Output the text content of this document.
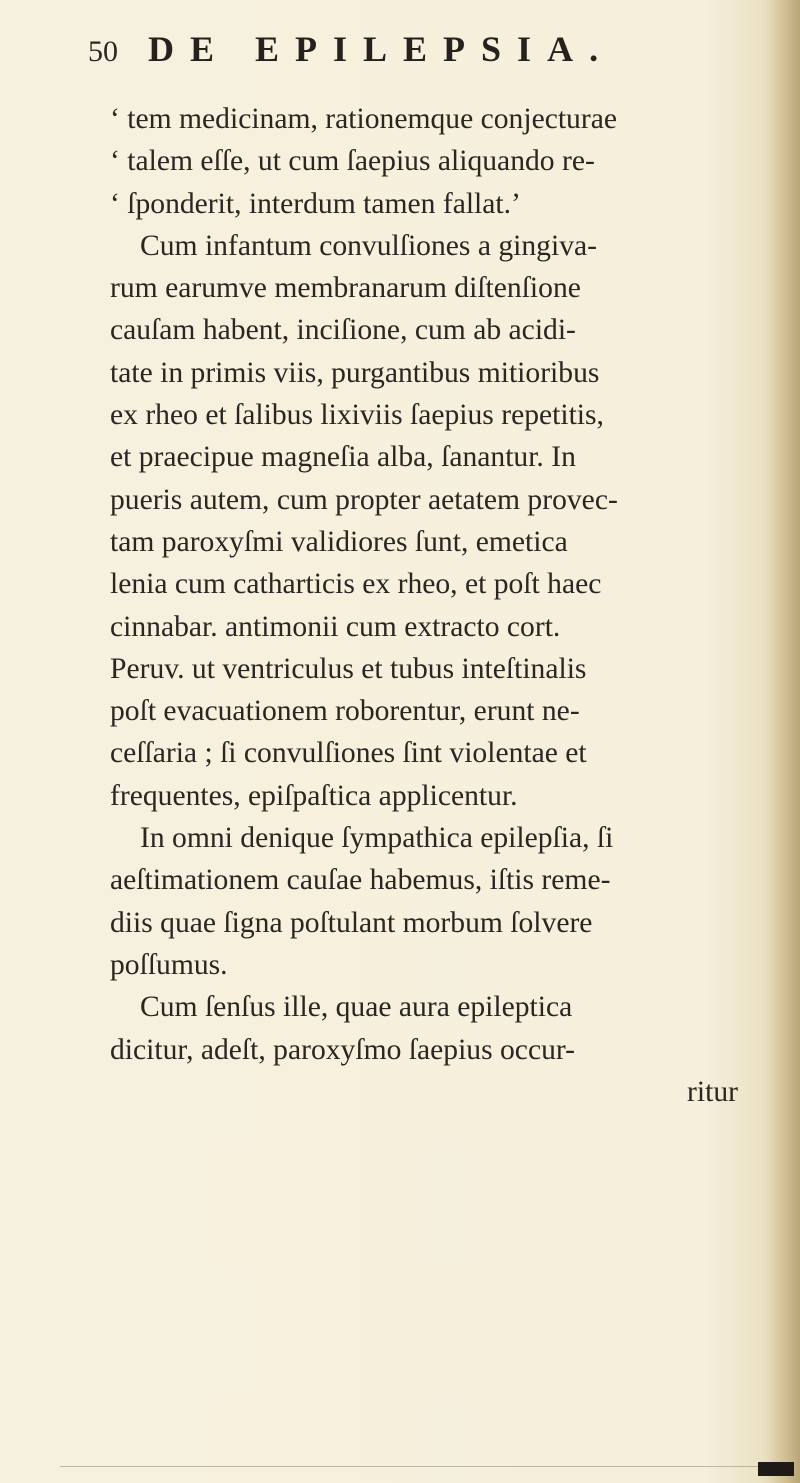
50 DE EPILEPSIA.
‘ tem medicinam, rationemque conjecturae
‘ talem eſſe, ut cum ſaepius aliquando re-
‘ ſponderit, interdum tamen fallat.’
Cum infantum convulſiones a gingiva-
rum earumve membranarum diſtenſione
cauſam habent, inciſione, cum ab acidi-
tate in primis viis, purgantibus mitioribus
ex rheo et ſalibus lixiviis ſaepius repetitis,
et praecipue magneſia alba, ſanantur. In
pueris autem, cum propter aetatem provec-
tam paroxyſmi validiores ſunt, emetica
lenia cum catharticis ex rheo, et poſt haec
cinnabar. antimonii cum extracto cort.
Peruv. ut ventriculus et tubus inteſtinalis
poſt evacuationem roborentur, erunt ne-
ceſſaria ; ſi convulſiones ſint violentae et
frequentes, epiſpaſtica applicentur.
In omni denique ſympathica epilepſia, ſi
aeſtimationem cauſae habemus, iſtis reme-
diis quae ſigna poſtulant morbum ſolvere
poſſumus.
Cum ſenſus ille, quae aura epileptica
dicitur, adeſt, paroxyſmo ſaepius occur-
ritur
